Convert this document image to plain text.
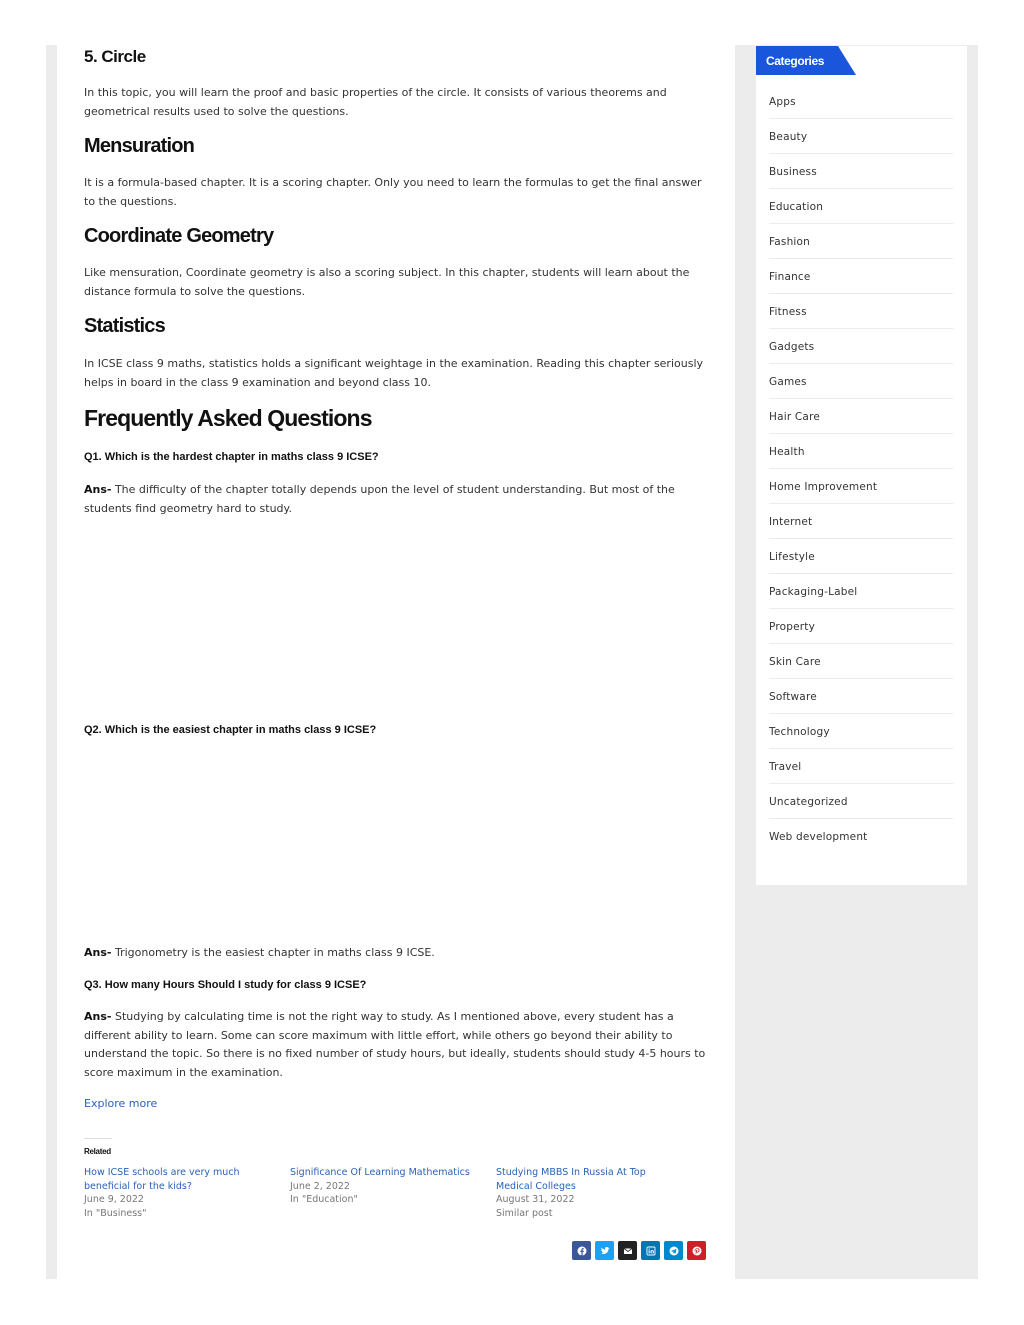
5. Circle

In this topic, you will learn the proof and basic properties of the circle. It consists of various theorems and geometrical results used to solve the questions.

Mensuration

It is a formula-based chapter. It is a scoring chapter. Only you need to learn the formulas to get the final answer to the questions.

Coordinate Geometry

Like mensuration, Coordinate geometry is also a scoring subject. In this chapter, students will learn about the distance formula to solve the questions.

Statistics

In ICSE class 9 maths, statistics holds a significant weightage in the examination. Reading this chapter seriously helps in board in the class 9 examination and beyond class 10.

Frequently Asked Questions
Q1. Which is the hardest chapter in maths class 9 ICSE?

Ans- The difficulty of the chapter totally depends upon the level of student understanding. But most of the students find geometry hard to study.

Q2. Which is the easiest chapter in maths class 9 ICSE?

Ans- Trigonometry is the easiest chapter in maths class 9 ICSE.

Q3. How many Hours Should I study for class 9 ICSE?

Ans- Studying by calculating time is not the right way to study. As I mentioned above, every student has a different ability to learn. Some can score maximum with little effort, while others go beyond their ability to understand the topic. So there is no fixed number of study hours, but ideally, students should study 4-5 hours to score maximum in the examination.

Explore more
Related
How ICSE schools are very much beneficial for the kids?
June 9, 2022
In "Business"
Significance Of Learning Mathematics
June 2, 2022
In "Education"
Studying MBBS In Russia At Top Medical Colleges
August 31, 2022
Similar post
Categories
Apps
Beauty
Business
Education
Fashion
Finance
Fitness
Gadgets
Games
Hair Care
Health
Home Improvement
Internet
Lifestyle
Packaging-Label
Property
Skin Care
Software
Technology
Travel
Uncategorized
Web development
